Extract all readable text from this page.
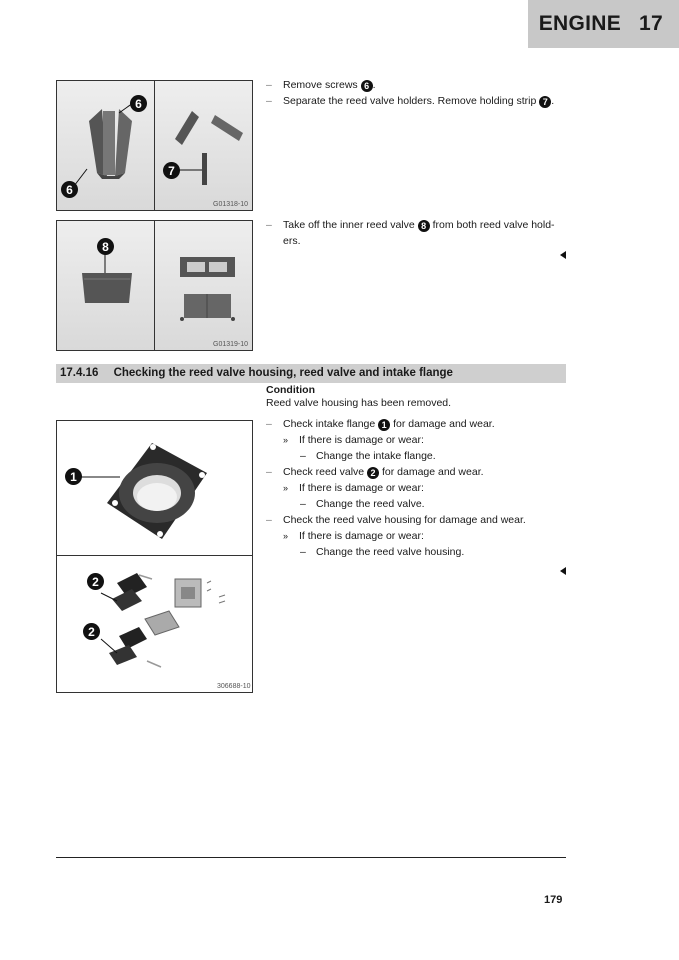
ENGINE 17
6
6
7
G01318-10
8
G01319-10
– Remove screws 6 .
– Separate the reed valve holders. Remove holding strip 7 .
– Take off the inner reed valve 8 from both reed valve hold-
ers.
17.4.16 Checking the reed valve housing, reed valve and intake flange
Condition
Reed valve housing has been removed.
1
2
2
306688-10
– Check intake flange 1 for damage and wear.
» If there is damage or wear:
– Change the intake flange.
– Check reed valve 2 for damage and wear.
» If there is damage or wear:
– Change the reed valve.
– Check the reed valve housing for damage and wear.
» If there is damage or wear:
– Change the reed valve housing.
179
